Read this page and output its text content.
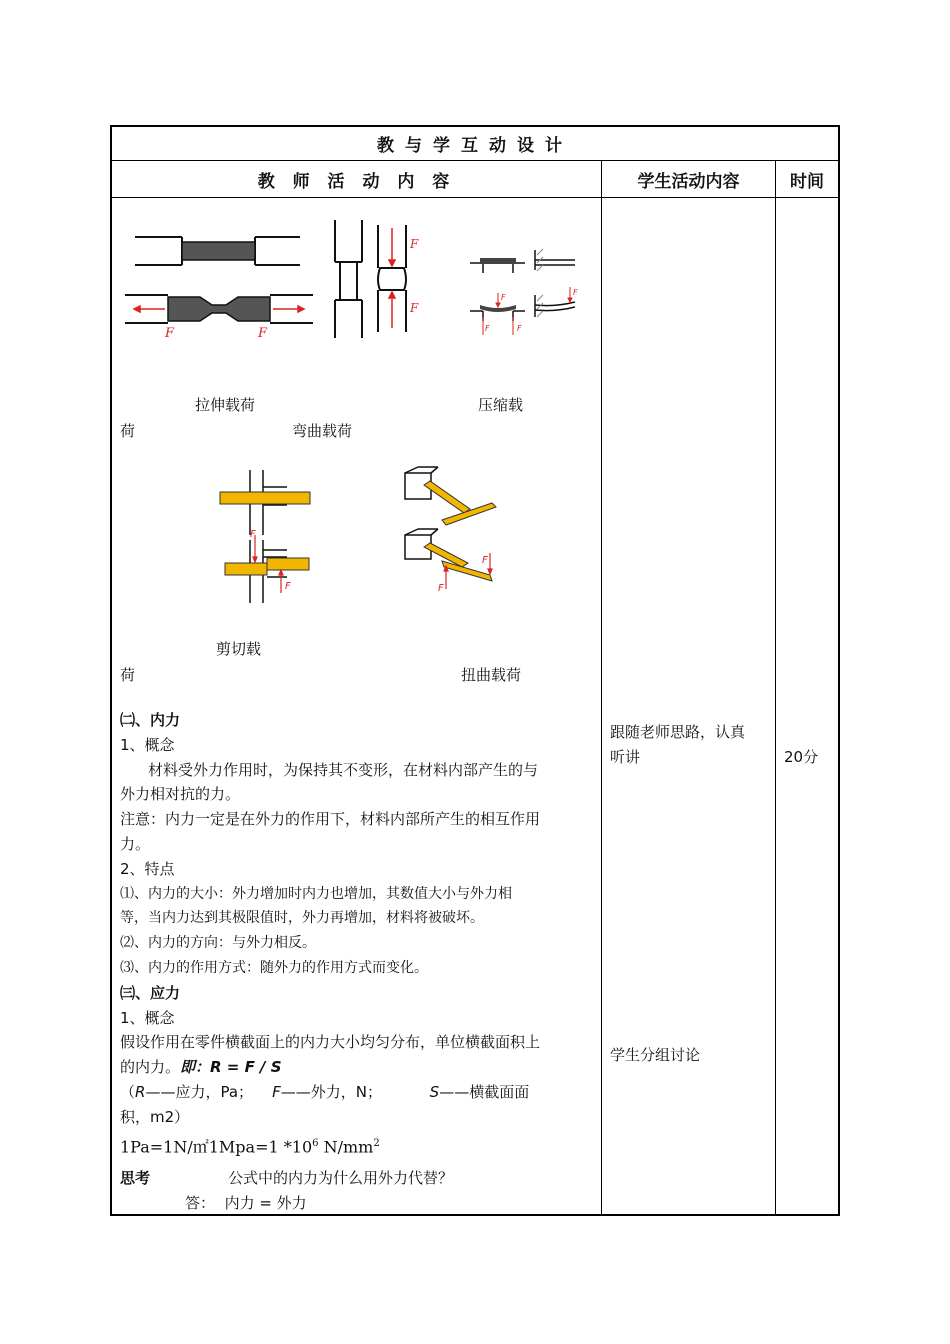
教与学互动设计
教 师 活 动 内 容	学生活动内容	时间
F	F
F
F
F
F	F
F
拉伸载荷	压缩载
荷	弯曲载荷
F
F
F
F
剪切载
荷	扭曲载荷
㈡、内力
1、概念
材料受外力作用时，为保持其不变形，在材料内部产生的与
外力相对抗的力。
注意：内力一定是在外力的作用下，材料内部所产生的相互作用
力。
2、特点
⑴、内力的大小：外力增加时内力也增加，其数值大小与外力相
等，当内力达到其极限值时，外力再增加，材料将被破坏。
⑵、内力的方向：与外力相反。
⑶、内力的作用方式：随外力的作用方式而变化。
㈢、应力
1、概念
假设作用在零件横截面上的内力大小均匀分布，单位横截面积上
的内力。即：R = F / S
（R——应力，Pa； F——外力，N；	S——横截面面
积，m2）
1Pa=1N/㎡1Mpa=1 $*10^6$ $N/mm^2$
思考	公式中的内力为什么用外力代替？
答： 内力 = 外力
跟随老师思路，认真
听讲
学生分组讨论
20分
